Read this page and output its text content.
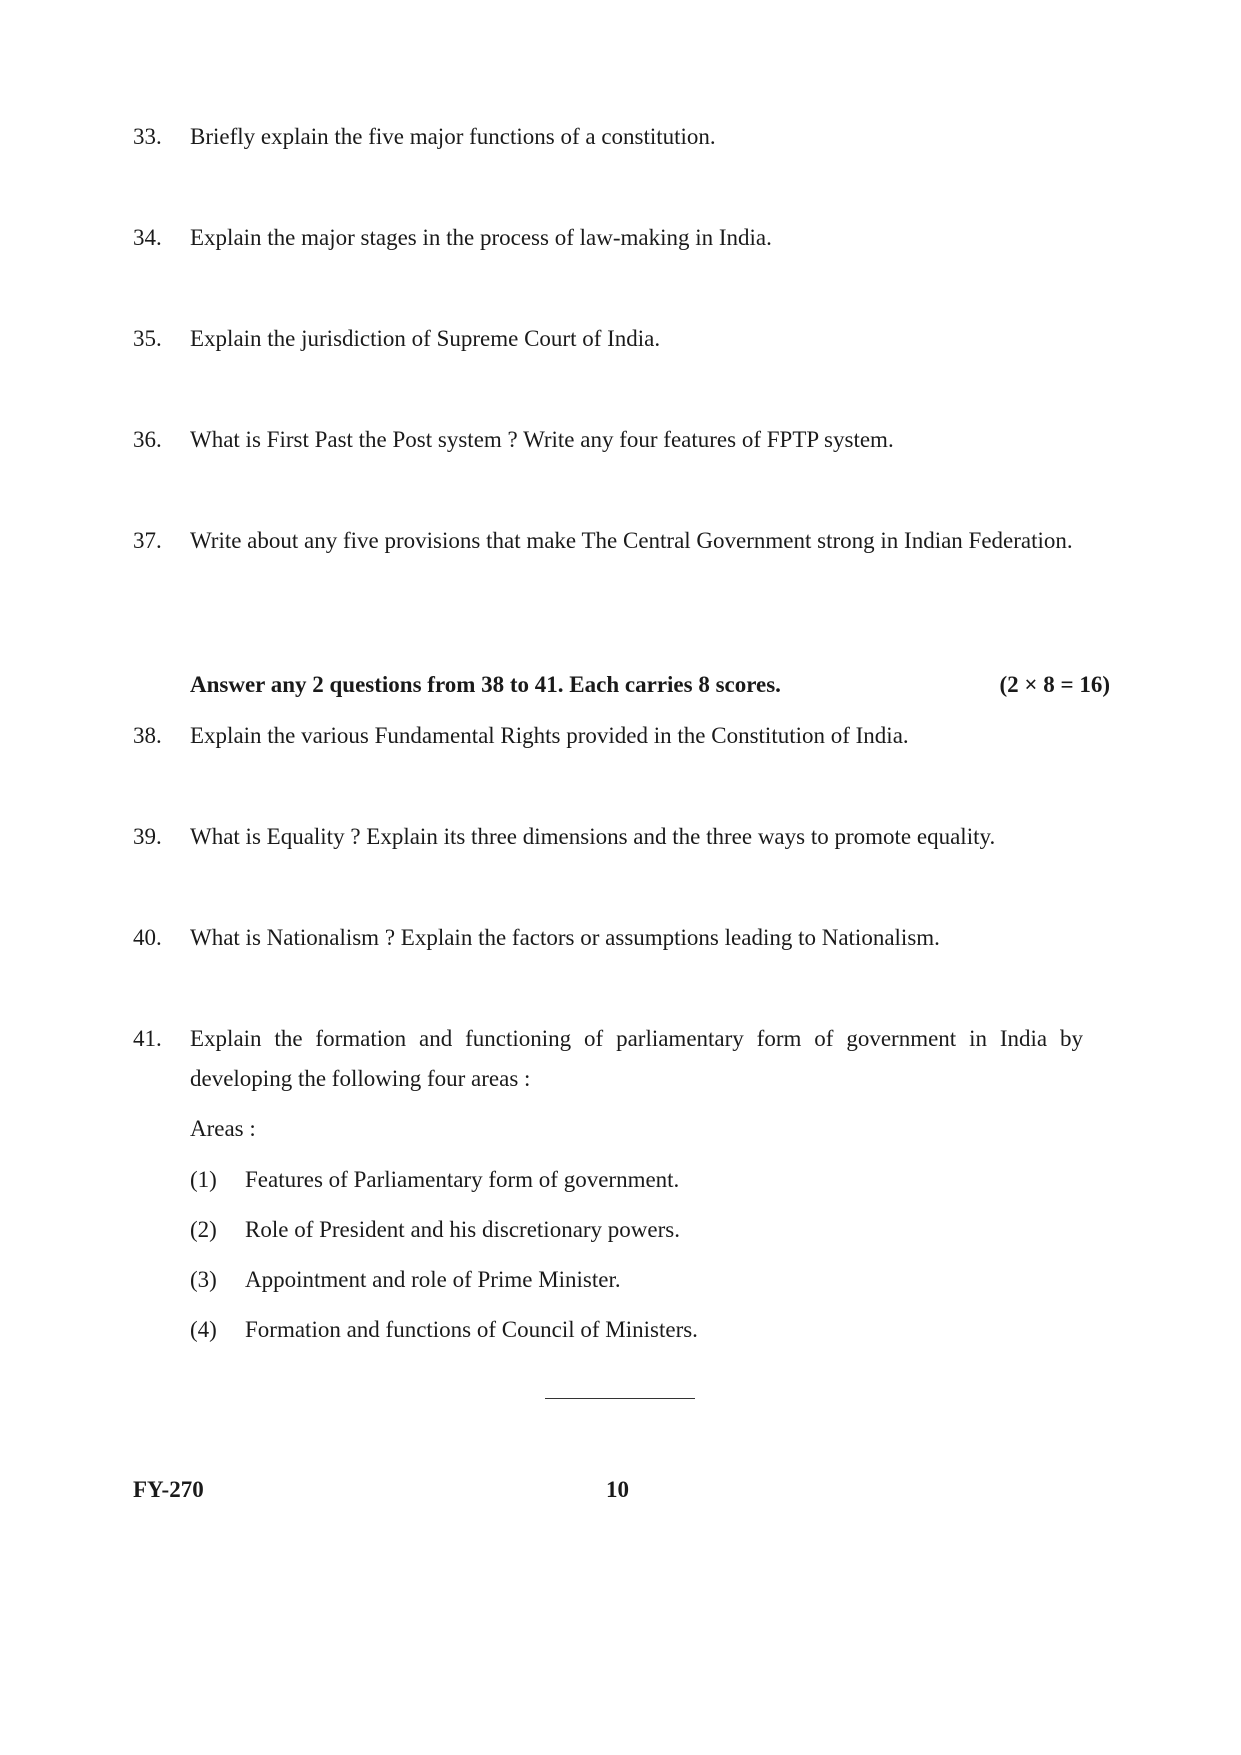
33.	Briefly explain the five major functions of a constitution.
34.	Explain the major stages in the process of law-making in India.
35.	Explain the jurisdiction of Supreme Court of India.
36.	What is First Past the Post system ? Write any four features of FPTP system.
37.	Write about any five provisions that make The Central Government strong in Indian Federation.
Answer any 2 questions from 38 to 41. Each carries 8 scores.	(2 × 8 = 16)
38.	Explain the various Fundamental Rights provided in the Constitution of India.
39.	What is Equality ? Explain its three dimensions and the three ways to promote equality.
40.	What is Nationalism ? Explain the factors or assumptions leading to Nationalism.
41.	Explain the formation and functioning of parliamentary form of government in India by developing the following four areas :
Areas :
(1) Features of Parliamentary form of government.
(2) Role of President and his discretionary powers.
(3) Appointment and role of Prime Minister.
(4) Formation and functions of Council of Ministers.
FY-270	10
